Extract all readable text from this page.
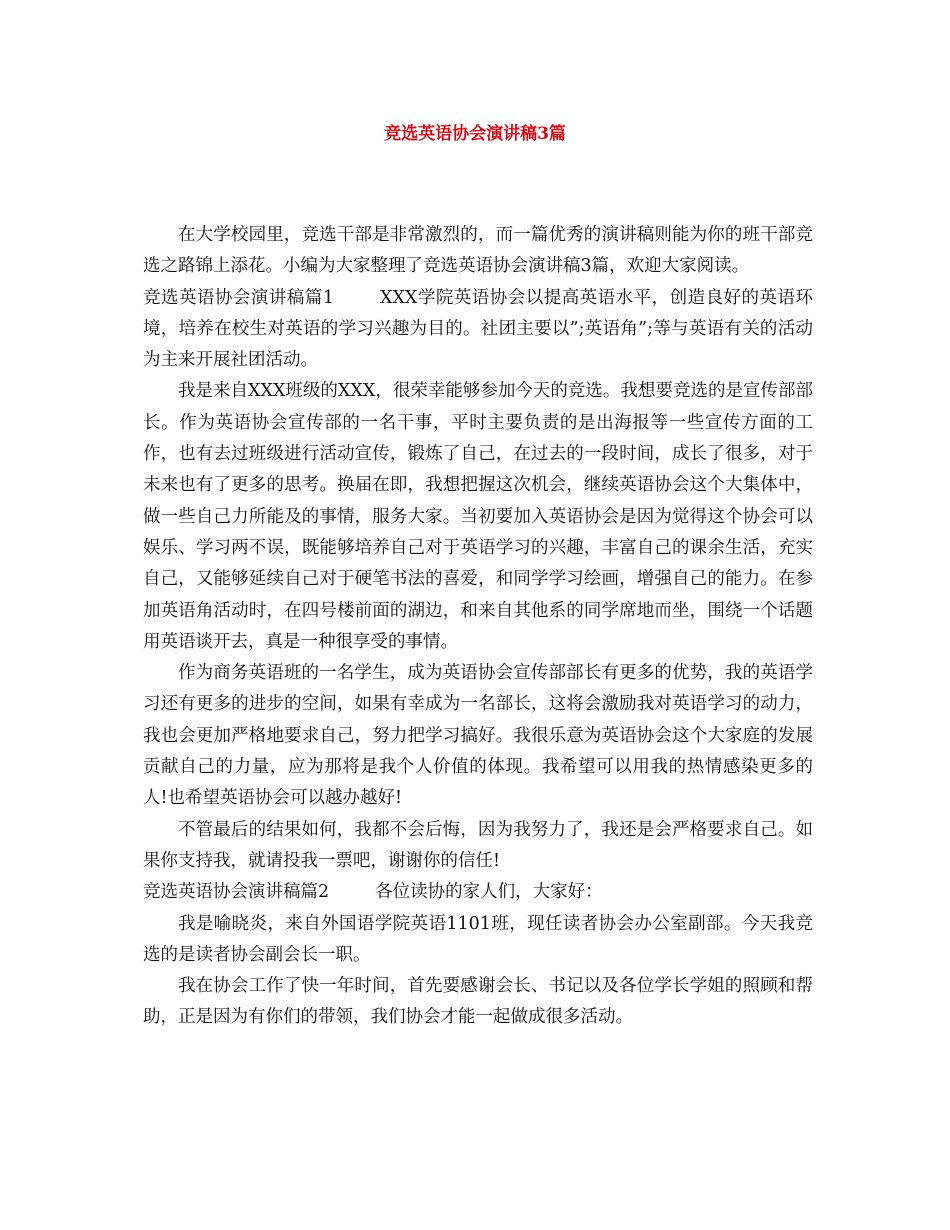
竞选英语协会演讲稿3篇

在大学校园里，竞选干部是非常激烈的，而一篇优秀的演讲稿则能为你的班干部竞选之路锦上添花。小编为大家整理了竞选英语协会演讲稿3篇，欢迎大家阅读。

竞选英语协会演讲稿篇1	XXX学院英语协会以提高英语水平，创造良好的英语环境，培养在校生对英语的学习兴趣为目的。社团主要以”;英语角”;等与英语有关的活动为主来开展社团活动。

我是来自XXX班级的XXX，很荣幸能够参加今天的竞选。我想要竞选的是宣传部部长。作为英语协会宣传部的一名干事，平时主要负责的是出海报等一些宣传方面的工作，也有去过班级进行活动宣传，锻炼了自己，在过去的一段时间，成长了很多，对于未来也有了更多的思考。换届在即，我想把握这次机会，继续英语协会这个大集体中，做一些自己力所能及的事情，服务大家。当初要加入英语协会是因为觉得这个协会可以娱乐、学习两不误，既能够培养自己对于英语学习的兴趣，丰富自己的课余生活，充实自己，又能够延续自己对于硬笔书法的喜爱，和同学学习绘画，增强自己的能力。在参加英语角活动时，在四号楼前面的湖边，和来自其他系的同学席地而坐，围绕一个话题用英语谈开去，真是一种很享受的事情。

作为商务英语班的一名学生，成为英语协会宣传部部长有更多的优势，我的英语学习还有更多的进步的空间，如果有幸成为一名部长，这将会激励我对英语学习的动力，我也会更加严格地要求自己，努力把学习搞好。我很乐意为英语协会这个大家庭的发展贡献自己的力量，应为那将是我个人价值的体现。我希望可以用我的热情感染更多的人!也希望英语协会可以越办越好!

不管最后的结果如何，我都不会后悔，因为我努力了，我还是会严格要求自己。如果你支持我，就请投我一票吧，谢谢你的信任!

竞选英语协会演讲稿篇2	各位读协的家人们，大家好：

我是喻晓炎，来自外国语学院英语1101班，现任读者协会办公室副部。今天我竞选的是读者协会副会长一职。

我在协会工作了快一年时间，首先要感谢会长、书记以及各位学长学姐的照顾和帮助，正是因为有你们的带领，我们协会才能一起做成很多活动。
